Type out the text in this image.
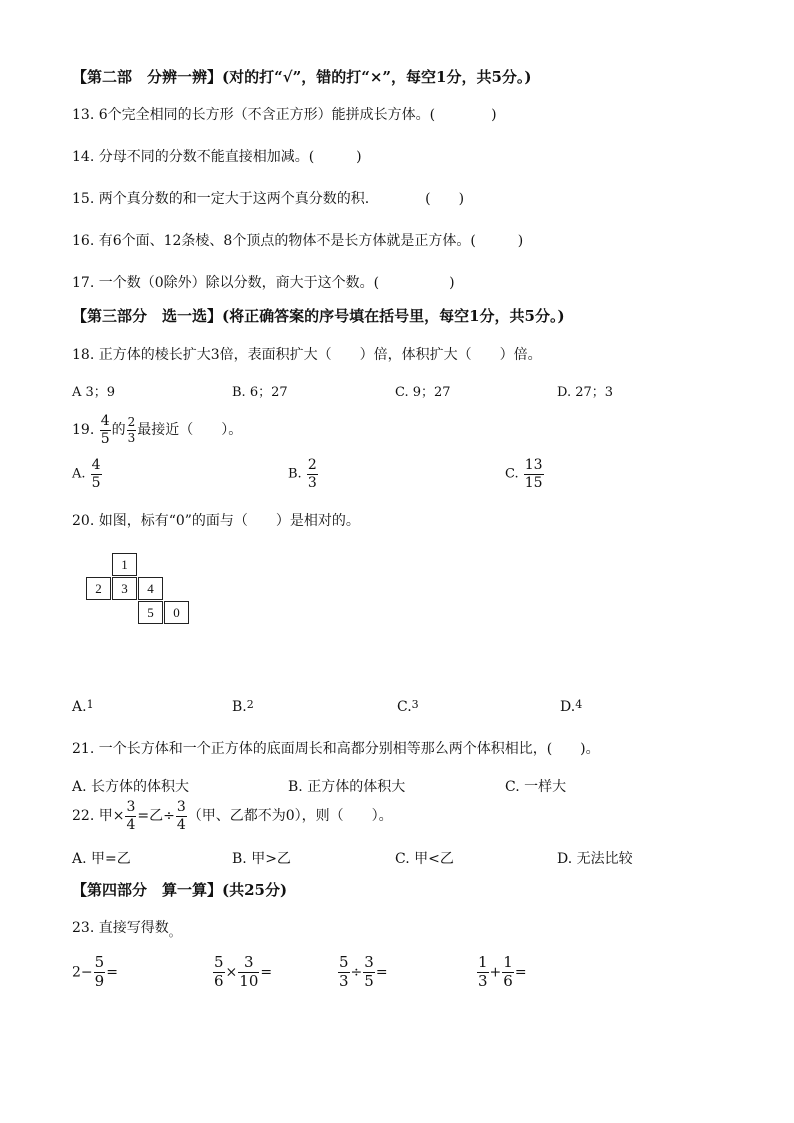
【第二部　分辨一辨】(对的打“√”，错的打“×”，每空1分，共5分。)
13. 6个完全相同的长方形（不含正方形）能拼成长方体。(　　　　)
14. 分母不同的分数不能直接相加减。(　　　)
15. 两个真分数的和一定大于这两个真分数的积.　　　　(　　)
16. 有6个面、12条棱、8个顶点的物体不是长方体就是正方体。(　　　)
17. 一个数（0除外）除以分数，商大于这个数。(　　　　　)
【第三部分　选一选】(将正确答案的序号填在括号里，每空1分，共5分。)
18. 正方体的棱长扩大3倍，表面积扩大（　　）倍，体积扩大（　　）倍。
A 3；9	B. 6；27	C. 9；27	D. 27；3
19. $\frac{4}{5}$ 的 $\frac{2}{3}$ 最接近（　　）。
A. $\frac{4}{5}$	B. $\frac{2}{3}$	C. $\frac{13}{15}$
20. 如图，标有“0”的面与（　　）是相对的。
1
2	3	4
5	0
A.$^1$	B.$^2$	C.$^3$	D.$^4$
21. 一个长方体和一个正方体的底面周长和高都分别相等那么两个体积相比，(　　)。
A. 长方体的体积大	B. 正方体的体积大	C. 一样大
22. 甲× $\frac{3}{4}$ =乙÷ $\frac{3}{4}$ （甲、乙都不为0），则（　　）。
A. 甲=乙	B. 甲>乙	C. 甲<乙	D. 无法比较
【第四部分　算一算】(共25分)
23. 直接写得数。
$2- \frac{5}{9}$ =	$\frac{5}{6} \times \frac{3}{10}$ =	$\frac{5}{3} \div \frac{3}{5}$ =	$\frac{1}{3} + \frac{1}{6}$ =
